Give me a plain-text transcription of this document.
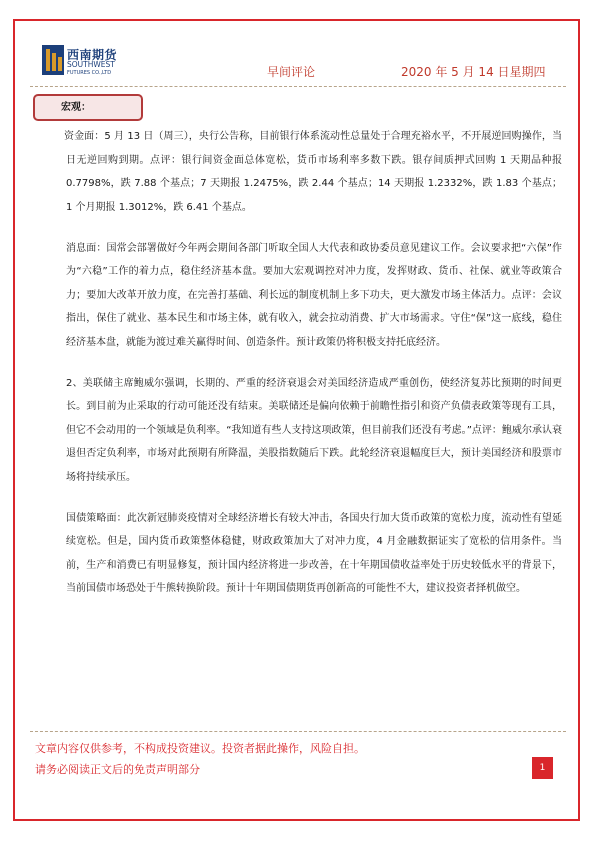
西南期货
SOUTHWEST
FUTURES CO.,LTD	早间评论	2020 年 5 月 14 日星期四
宏观：

资金面：5 月 13 日（周三），央行公告称，目前银行体系流动性总量处于合理充裕水平，不开展逆回购操作，当日无逆回购到期。点评：银行间资金面总体宽松，货币市场利率多数下跌。银存间质押式回购 1 天期品种报 0.7798%，跌 7.88 个基点；7 天期报 1.2475%，跌 2.44 个基点；14 天期报 1.2332%，跌 1.83 个基点；1 个月期报 1.3012%，跌 6.41 个基点。

消息面：国常会部署做好今年两会期间各部门听取全国人大代表和政协委员意见建议工作。会议要求把“六保”作为“六稳”工作的着力点，稳住经济基本盘。要加大宏观调控对冲力度，发挥财政、货币、社保、就业等政策合力；要加大改革开放力度，在完善打基础、利长远的制度机制上多下功夫，更大激发市场主体活力。点评：会议指出，保住了就业、基本民生和市场主体，就有收入，就会拉动消费、扩大市场需求。守住“保”这一底线，稳住经济基本盘，就能为渡过难关赢得时间、创造条件。预计政策仍将积极支持托底经济。

2、美联储主席鲍威尔强调，长期的、严重的经济衰退会对美国经济造成严重创伤，使经济复苏比预期的时间更长。到目前为止采取的行动可能还没有结束。美联储还是偏向依赖于前瞻性指引和资产负债表政策等现有工具，但它不会动用的一个领域是负利率。“我知道有些人支持这项政策，但目前我们还没有考虑。”点评：鲍威尔承认衰退但否定负利率，市场对此预期有所降温，美股指数随后下跌。此轮经济衰退幅度巨大，预计美国经济和股票市场将持续承压。

国债策略面：此次新冠肺炎疫情对全球经济增长有较大冲击，各国央行加大货币政策的宽松力度，流动性有望延续宽松。但是，国内货币政策整体稳健，财政政策加大了对冲力度，4 月金融数据证实了宽松的信用条件。当前，生产和消费已有明显修复，预计国内经济将进一步改善，在十年期国债收益率处于历史较低水平的背景下，当前国债市场恐处于牛熊转换阶段。预计十年期国债期货再创新高的可能性不大，建议投资者择机做空。

文章内容仅供参考，不构成投资建议。投资者据此操作，风险自担。
请务必阅读正文后的免责声明部分	1
